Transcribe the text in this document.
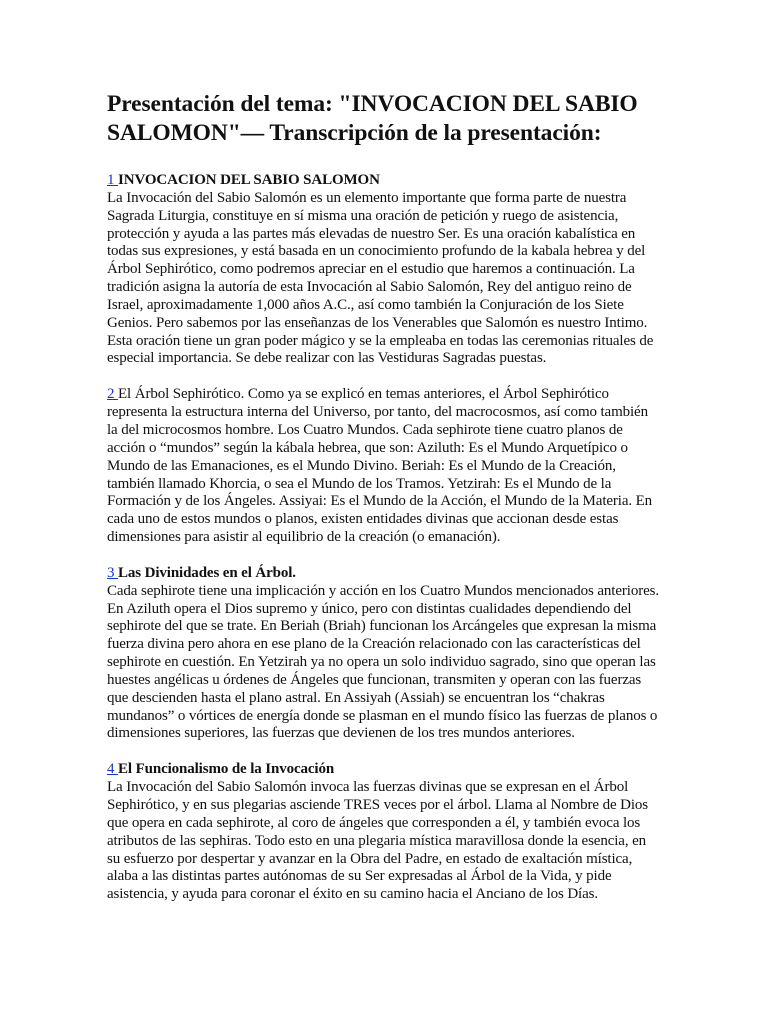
Presentación del tema: "INVOCACION DEL SABIO SALOMON"— Transcripción de la presentación:

1 INVOCACION DEL SABIO SALOMON
La Invocación del Sabio Salomón es un elemento importante que forma parte de nuestra Sagrada Liturgia, constituye en sí misma una oración de petición y ruego de asistencia, protección y ayuda a las partes más elevadas de nuestro Ser. Es una oración kabalística en todas sus expresiones, y está basada en un conocimiento profundo de la kabala hebrea y del Árbol Sephirótico, como podremos apreciar en el estudio que haremos a continuación. La tradición asigna la autoría de esta Invocación al Sabio Salomón, Rey del antiguo reino de Israel, aproximadamente 1,000 años A.C., así como también la Conjuración de los Siete Genios. Pero sabemos por las enseñanzas de los Venerables que Salomón es nuestro Intimo. Esta oración tiene un gran poder mágico y se la empleaba en todas las ceremonias rituales de especial importancia. Se debe realizar con las Vestiduras Sagradas puestas.

2 El Árbol Sephirótico. Como ya se explicó en temas anteriores, el Árbol Sephirótico representa la estructura interna del Universo, por tanto, del macrocosmos, así como también la del microcosmos hombre. Los Cuatro Mundos. Cada sephirote tiene cuatro planos de acción o “mundos” según la kábala hebrea, que son: Aziluth: Es el Mundo Arquetípico o Mundo de las Emanaciones, es el Mundo Divino. Beriah: Es el Mundo de la Creación, también llamado Khorcia, o sea el Mundo de los Tramos. Yetzirah: Es el Mundo de la Formación y de los Ángeles. Assiyai: Es el Mundo de la Acción, el Mundo de la Materia. En cada uno de estos mundos o planos, existen entidades divinas que accionan desde estas dimensiones para asistir al equilibrio de la creación (o emanación).

3 Las Divinidades en el Árbol.
Cada sephirote tiene una implicación y acción en los Cuatro Mundos mencionados anteriores. En Aziluth opera el Dios supremo y único, pero con distintas cualidades dependiendo del sephirote del que se trate. En Beriah (Briah) funcionan los Arcángeles que expresan la misma fuerza divina pero ahora en ese plano de la Creación relacionado con las características del sephirote en cuestión. En Yetzirah ya no opera un solo individuo sagrado, sino que operan las huestes angélicas u órdenes de Ángeles que funcionan, transmiten y operan con las fuerzas que descienden hasta el plano astral. En Assiyah (Assiah) se encuentran los “chakras mundanos” o vórtices de energía donde se plasman en el mundo físico las fuerzas de planos o dimensiones superiores, las fuerzas que devienen de los tres mundos anteriores.

4 El Funcionalismo de la Invocación
La Invocación del Sabio Salomón invoca las fuerzas divinas que se expresan en el Árbol Sephirótico, y en sus plegarias asciende TRES veces por el árbol. Llama al Nombre de Dios que opera en cada sephirote, al coro de ángeles que corresponden a él, y también evoca los atributos de las sephiras. Todo esto en una plegaria mística maravillosa donde la esencia, en su esfuerzo por despertar y avanzar en la Obra del Padre, en estado de exaltación mística, alaba a las distintas partes autónomas de su Ser expresadas al Árbol de la Vida, y pide asistencia, y ayuda para coronar el éxito en su camino hacia el Anciano de los Días.
